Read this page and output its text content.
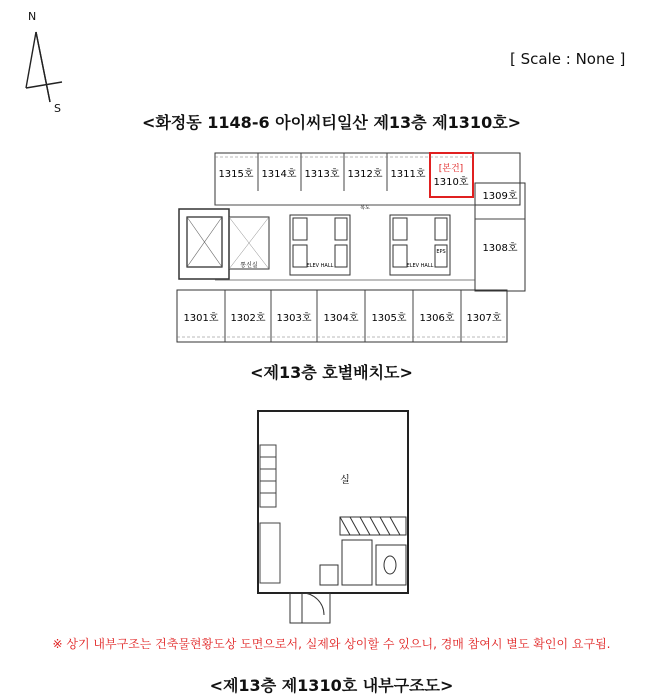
N
S
[ Scale : None ]
<화정동 1148-6 아이씨티일산 제13층 제1310호>
1315호 1314호 1313호 1312호 1311호 [본건]
1310호
1309호
1308호
1301호 1302호 1303호 1304호 1305호 1306호 1307호
복도
ELEV HALL	ELEV HALL
통신실
EPS
<제13층 호별배치도>
실
※ 상기 내부구조는 건축물현황도상 도면으로서, 실제와 상이할 수 있으니, 경매 참여시 별도 확인이 요구됨.
<제13층 제1310호 내부구조도>
